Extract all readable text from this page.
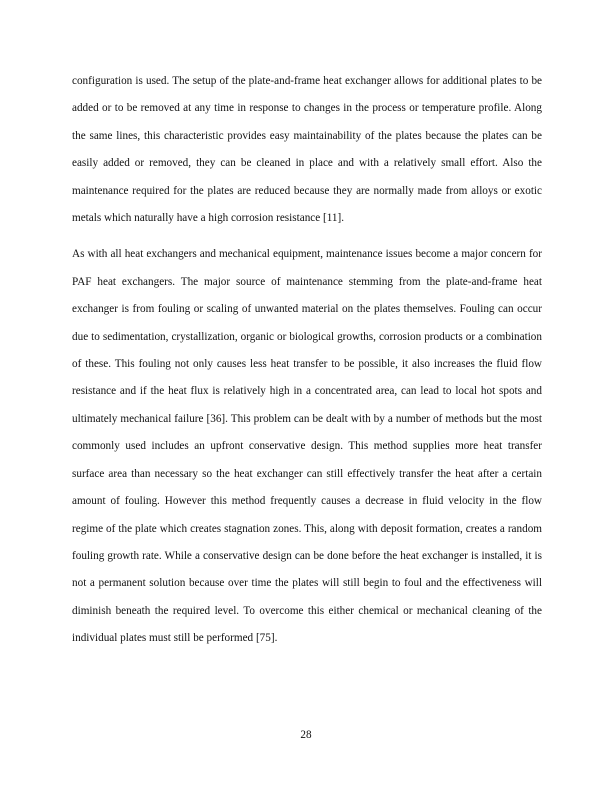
configuration is used. The setup of the plate-and-frame heat exchanger allows for additional plates to be added or to be removed at any time in response to changes in the process or temperature profile. Along the same lines, this characteristic provides easy maintainability of the plates because the plates can be easily added or removed, they can be cleaned in place and with a relatively small effort. Also the maintenance required for the plates are reduced because they are normally made from alloys or exotic metals which naturally have a high corrosion resistance [11].

As with all heat exchangers and mechanical equipment, maintenance issues become a major concern for PAF heat exchangers. The major source of maintenance stemming from the plate-and-frame heat exchanger is from fouling or scaling of unwanted material on the plates themselves. Fouling can occur due to sedimentation, crystallization, organic or biological growths, corrosion products or a combination of these. This fouling not only causes less heat transfer to be possible, it also increases the fluid flow resistance and if the heat flux is relatively high in a concentrated area, can lead to local hot spots and ultimately mechanical failure [36]. This problem can be dealt with by a number of methods but the most commonly used includes an upfront conservative design. This method supplies more heat transfer surface area than necessary so the heat exchanger can still effectively transfer the heat after a certain amount of fouling. However this method frequently causes a decrease in fluid velocity in the flow regime of the plate which creates stagnation zones. This, along with deposit formation, creates a random fouling growth rate. While a conservative design can be done before the heat exchanger is installed, it is not a permanent solution because over time the plates will still begin to foul and the effectiveness will diminish beneath the required level. To overcome this either chemical or mechanical cleaning of the individual plates must still be performed [75].

28
